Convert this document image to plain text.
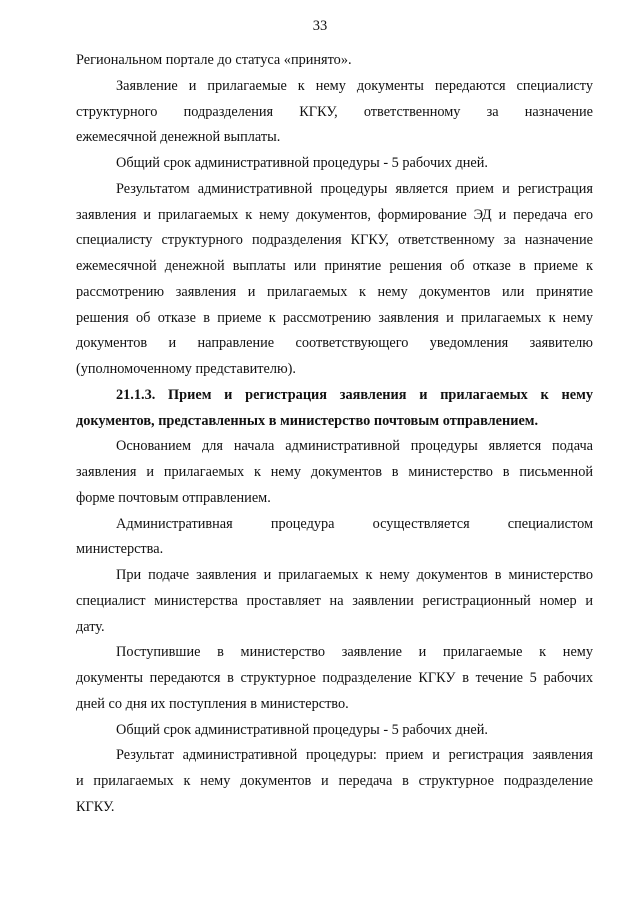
33
Региональном портале до статуса «принято».
Заявление и прилагаемые к нему документы передаются специалисту
структурного подразделения КГКУ, ответственному за назначение
ежемесячной денежной выплаты.
Общий срок административной процедуры - 5 рабочих дней.
Результатом административной процедуры является прием и регистрация
заявления и прилагаемых к нему документов, формирование ЭД и передача его
специалисту структурного подразделения КГКУ, ответственному за назначение
ежемесячной денежной выплаты или принятие решения об отказе в приеме к
рассмотрению заявления и прилагаемых к нему документов или принятие
решения об отказе в приеме к рассмотрению заявления и прилагаемых к нему
документов и направление соответствующего уведомления заявителю
(уполномоченному представителю).
21.1.3. Прием и регистрация заявления и прилагаемых к нему
документов, представленных в министерство почтовым отправлением.
Основанием для начала административной процедуры является подача
заявления и прилагаемых к нему документов в министерство в письменной
форме почтовым отправлением.
Административная процедура осуществляется специалистом
министерства.
При подаче заявления и прилагаемых к нему документов в министерство
специалист министерства проставляет на заявлении регистрационный номер и
дату.
Поступившие в министерство заявление и прилагаемые к нему
документы передаются в структурное подразделение КГКУ в течение 5 рабочих
дней со дня их поступления в министерство.
Общий срок административной процедуры - 5 рабочих дней.
Результат административной процедуры: прием и регистрация заявления
и прилагаемых к нему документов и передача в структурное подразделение
КГКУ.
